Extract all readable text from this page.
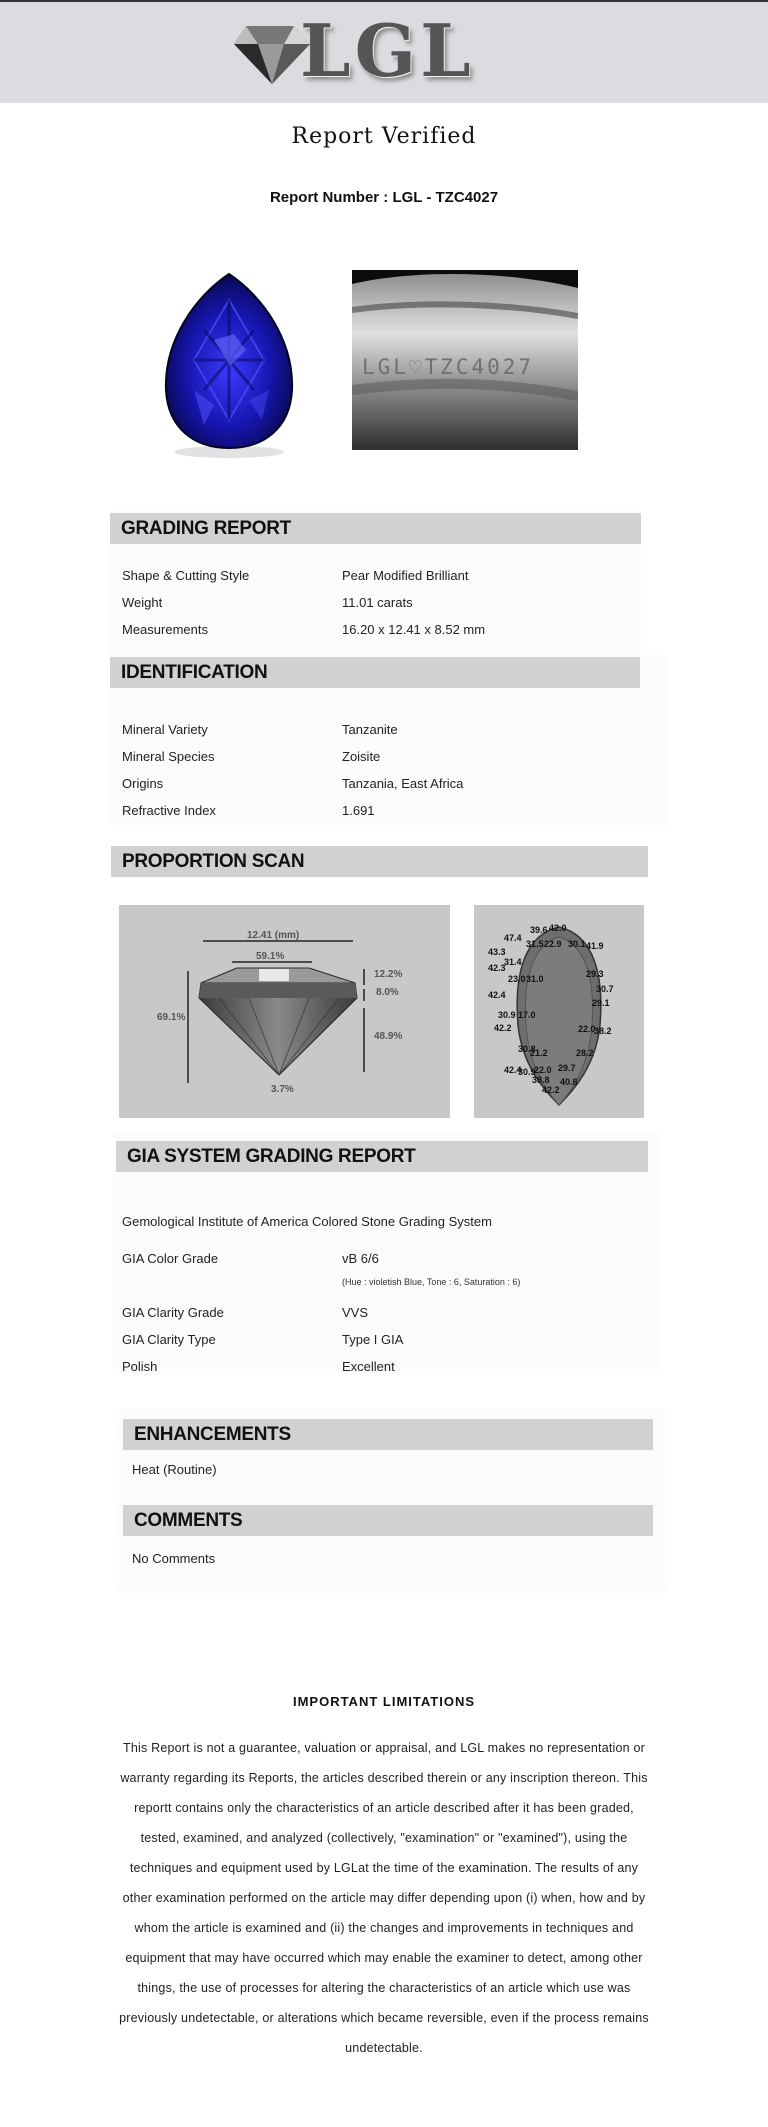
LGL
Report Verified
Report Number : LGL - TZC4027
LGL♡TZC4027
GRADING REPORT
Shape & Cutting Style	Pear Modified Brilliant
Weight	11.01 carats
Measurements	16.20 x 12.41 x 8.52 mm
IDENTIFICATION
Mineral Variety	Tanzanite
Mineral Species	Zoisite
Origins	Tanzania, East Africa
Refractive Index	1.691
PROPORTION SCAN
12.41 (mm)
59.1%
69.1%
12.2%
8.0%
48.9%
3.7%
39.6 42.0
47.4
31.5 22.9 30.1 41.9
43.3
31.4
29.3
42.3
23.0 31.0
30.7
42.4
29.1
30.9 17.0
42.2	22.0
38.2
30.8
21.2	28.2
42.4
30.9
22.0 29.7
38.8 40.8
42.2
GIA SYSTEM GRADING REPORT
Gemological Institute of America Colored Stone Grading System
GIA Color Grade	vB 6/6
(Hue : violetish Blue, Tone : 6, Saturation : 6)
GIA Clarity Grade	VVS
GIA Clarity Type	Type I GIA
Polish	Excellent
ENHANCEMENTS
Heat (Routine)
COMMENTS
No Comments
IMPORTANT LIMITATIONS
This Report is not a guarantee, valuation or appraisal, and LGL makes no representation or warranty regarding its Reports, the articles described therein or any inscription thereon. This reportt contains only the characteristics of an article described after it has been graded, tested, examined, and analyzed (collectively, "examination" or "examined"), using the techniques and equipment used by LGLat the time of the examination. The results of any other examination performed on the article may differ depending upon (i) when, how and by whom the article is examined and (ii) the changes and improvements in techniques and equipment that may have occurred which may enable the examiner to detect, among other things, the use of processes for altering the characteristics of an article which use was previously undetectable, or alterations which became reversible, even if the process remains undetectable.
